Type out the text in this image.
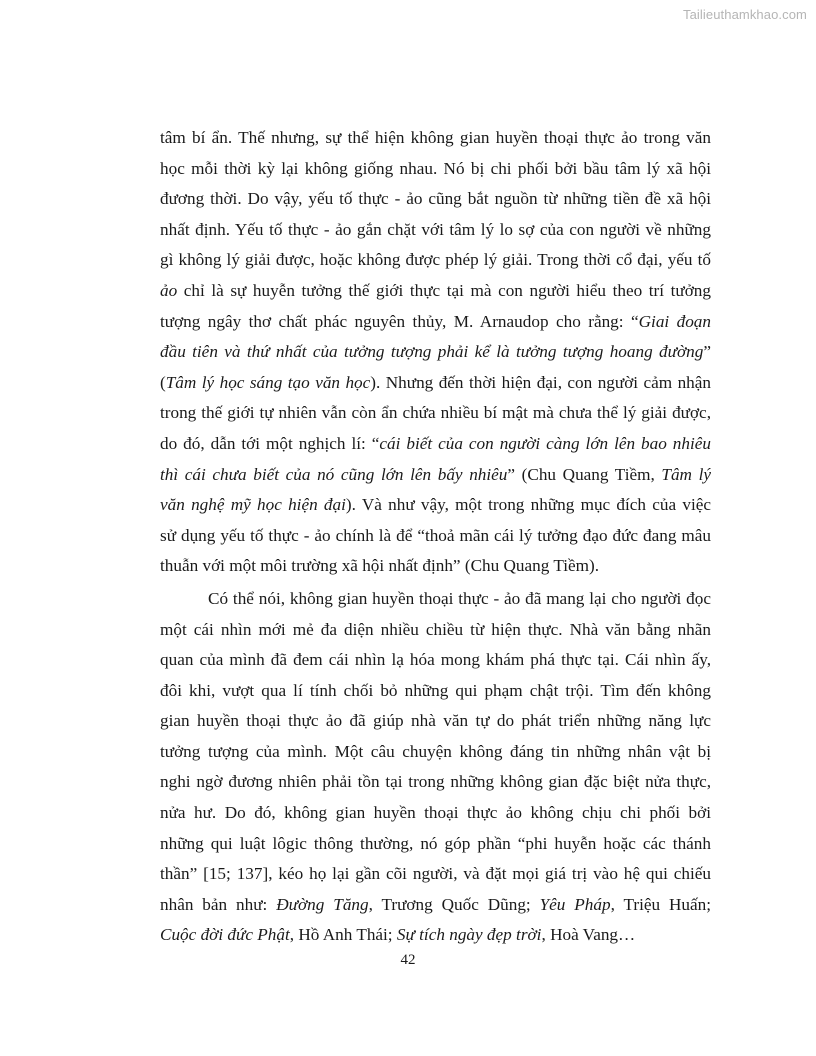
Tailieuthamkhao.com
tâm bí ẩn. Thế nhưng, sự thể hiện không gian huyền thoại thực ảo trong văn
học mỗi thời kỳ lại không giống nhau. Nó bị chi phối bởi bầu tâm lý xã hội
đương thời. Do vậy, yếu tố thực - ảo cũng bắt nguồn từ những tiền đề xã hội
nhất định. Yếu tố thực - ảo gắn chặt với tâm lý lo sợ của con người về những
gì không lý giải được, hoặc không được phép lý giải. Trong thời cổ đại, yếu tố
ảo chỉ là sự huyễn tưởng thế giới thực tại mà con người hiểu theo trí tưởng
tượng ngây thơ chất phác nguyên thủy, M. Arnaudop cho rằng: “Giai đoạn
đầu tiên và thứ nhất của tưởng tượng phải kể là tưởng tượng hoang đường”
(Tâm lý học sáng tạo văn học). Nhưng đến thời hiện đại, con người cảm nhận
trong thế giới tự nhiên vẫn còn ẩn chứa nhiều bí mật mà chưa thể lý giải được,
do đó, dẫn tới một nghịch lí: “cái biết của con người càng lớn lên bao nhiêu
thì cái chưa biết của nó cũng lớn lên bấy nhiêu” (Chu Quang Tiềm, Tâm lý
văn nghệ mỹ học hiện đại). Và như vậy, một trong những mục đích của việc
sử dụng yếu tố thực - ảo chính là để “thoả mãn cái lý tưởng đạo đức đang mâu
thuẫn với một môi trường xã hội nhất định” (Chu Quang Tiềm).
Có thể nói, không gian huyền thoại thực - ảo đã mang lại cho người đọc
một cái nhìn mới mẻ đa diện nhiều chiều từ hiện thực. Nhà văn bằng nhãn
quan của mình đã đem cái nhìn lạ hóa mong khám phá thực tại. Cái nhìn ấy,
đôi khi, vượt qua lí tính chối bỏ những qui phạm chật trội. Tìm đến không
gian huyền thoại thực ảo đã giúp nhà văn tự do phát triển những năng lực
tưởng tượng của mình. Một câu chuyện không đáng tin những nhân vật bị
nghi ngờ đương nhiên phải tồn tại trong những không gian đặc biệt nửa thực,
nửa hư. Do đó, không gian huyền thoại thực ảo không chịu chi phối bởi
những qui luật lôgic thông thường, nó góp phần “phi huyễn hoặc các thánh
thần” [15; 137], kéo họ lại gần cõi người, và đặt mọi giá trị vào hệ qui chiếu
nhân bản như: Đường Tăng, Trương Quốc Dũng; Yêu Pháp, Triệu Huấn;
Cuộc đời đức Phật, Hồ Anh Thái; Sự tích ngày đẹp trời, Hoà Vang…
42
